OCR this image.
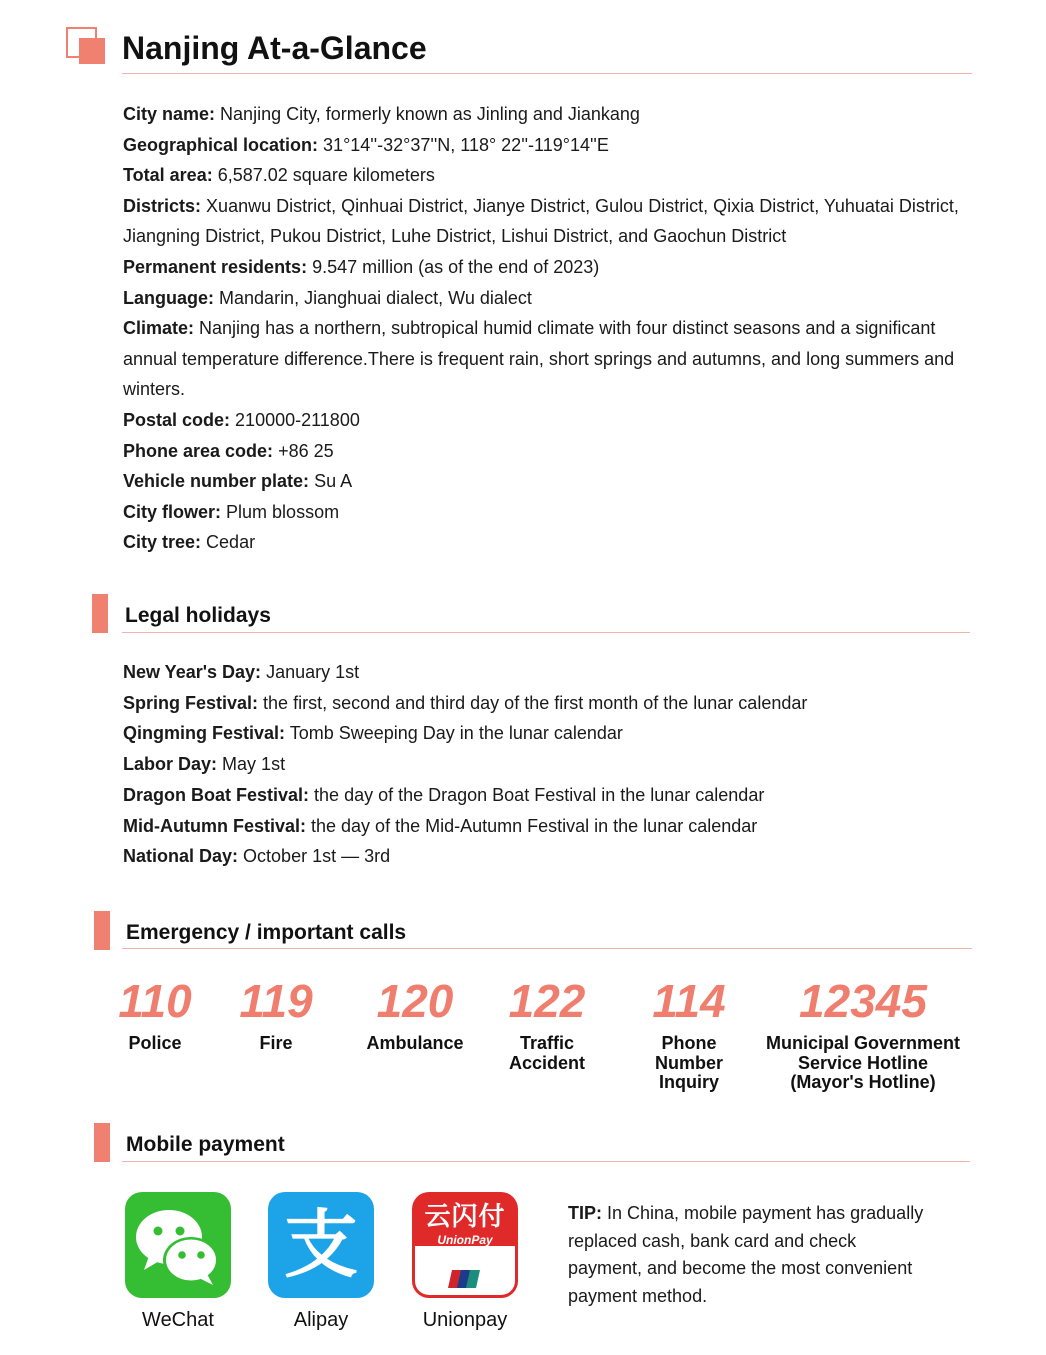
Nanjing At-a-Glance

City name: Nanjing City, formerly known as Jinling and Jiankang

Geographical location: 31°14''-32°37''N, 118° 22''-119°14''E

Total area: 6,587.02 square kilometers

Districts: Xuanwu District, Qinhuai District, Jianye District, Gulou District, Qixia District, Yuhuatai District, Jiangning District, Pukou District, Luhe District, Lishui District, and Gaochun District

Permanent residents: 9.547 million (as of the end of 2023)

Language: Mandarin, Jianghuai dialect, Wu dialect

Climate: Nanjing has a northern, subtropical humid climate with four distinct seasons and a significant annual temperature difference.There is frequent rain, short springs and autumns, and long summers and winters.

Postal code: 210000-211800

Phone area code: +86 25

Vehicle number plate: Su A

City flower: Plum blossom

City tree: Cedar

Legal holidays

New Year's Day: January 1st

Spring Festival: the first, second and third day of the first month of the lunar calendar

Qingming Festival: Tomb Sweeping Day in the lunar calendar

Labor Day: May 1st

Dragon Boat Festival: the day of the Dragon Boat Festival in the lunar calendar

Mid-Autumn Festival: the day of the Mid-Autumn Festival in the lunar calendar

National Day: October 1st — 3rd

Emergency / important calls
110
Police
119
Fire
120
Ambulance
122
Traffic
Accident
114
Phone
Number
Inquiry
12345
Municipal Government
Service Hotline
(Mayor's Hotline)
Mobile payment
WeChat
支
Alipay
云闪付
UnionPay
Unionpay

TIP: In China, mobile payment has gradually replaced cash, bank card and check payment, and become the most convenient payment method.
